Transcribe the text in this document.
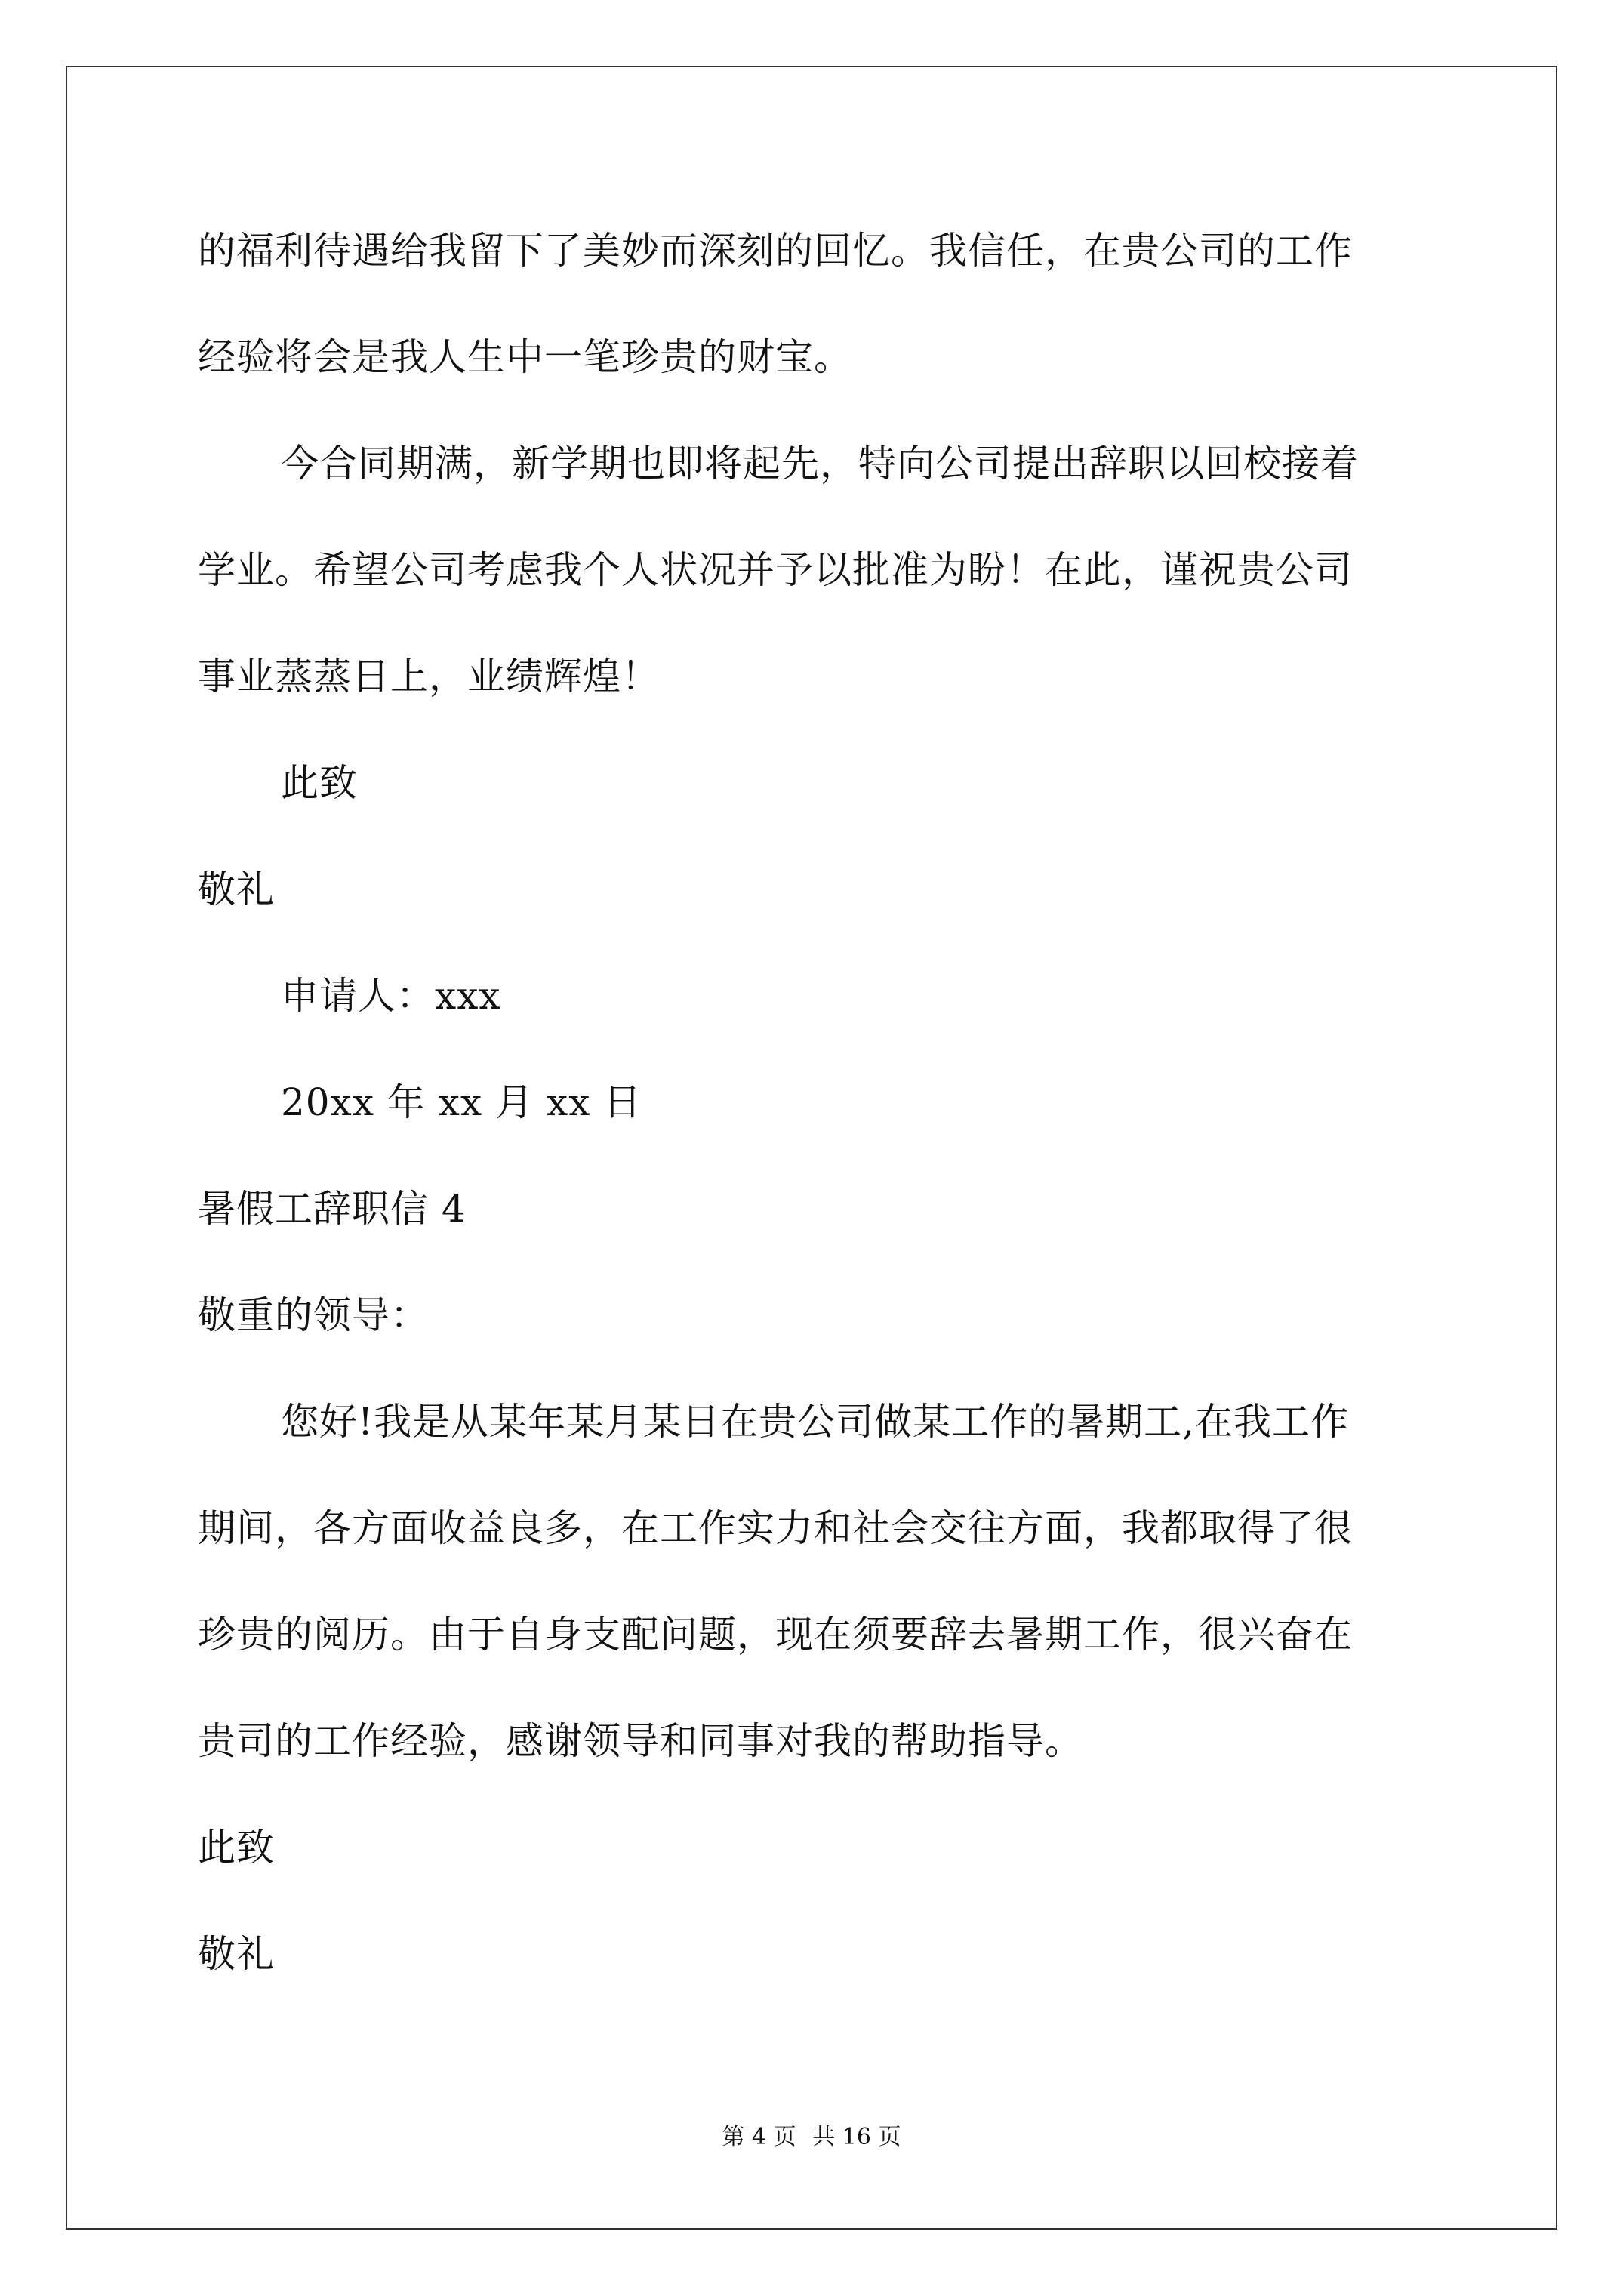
的福利待遇给我留下了美妙而深刻的回忆。我信任，在贵公司的工作
经验将会是我人生中一笔珍贵的财宝。
今合同期满，新学期也即将起先，特向公司提出辞职以回校接着
学业。希望公司考虑我个人状况并予以批准为盼！在此，谨祝贵公司
事业蒸蒸日上，业绩辉煌！
此致
敬礼
申请人：xxx
20xx 年 xx 月 xx 日
暑假工辞职信 4
敬重的领导：
您好!我是从某年某月某日在贵公司做某工作的暑期工,在我工作
期间，各方面收益良多，在工作实力和社会交往方面，我都取得了很
珍贵的阅历。由于自身支配问题，现在须要辞去暑期工作，很兴奋在
贵司的工作经验，感谢领导和同事对我的帮助指导。
此致
敬礼
第 4 页 共 16 页
